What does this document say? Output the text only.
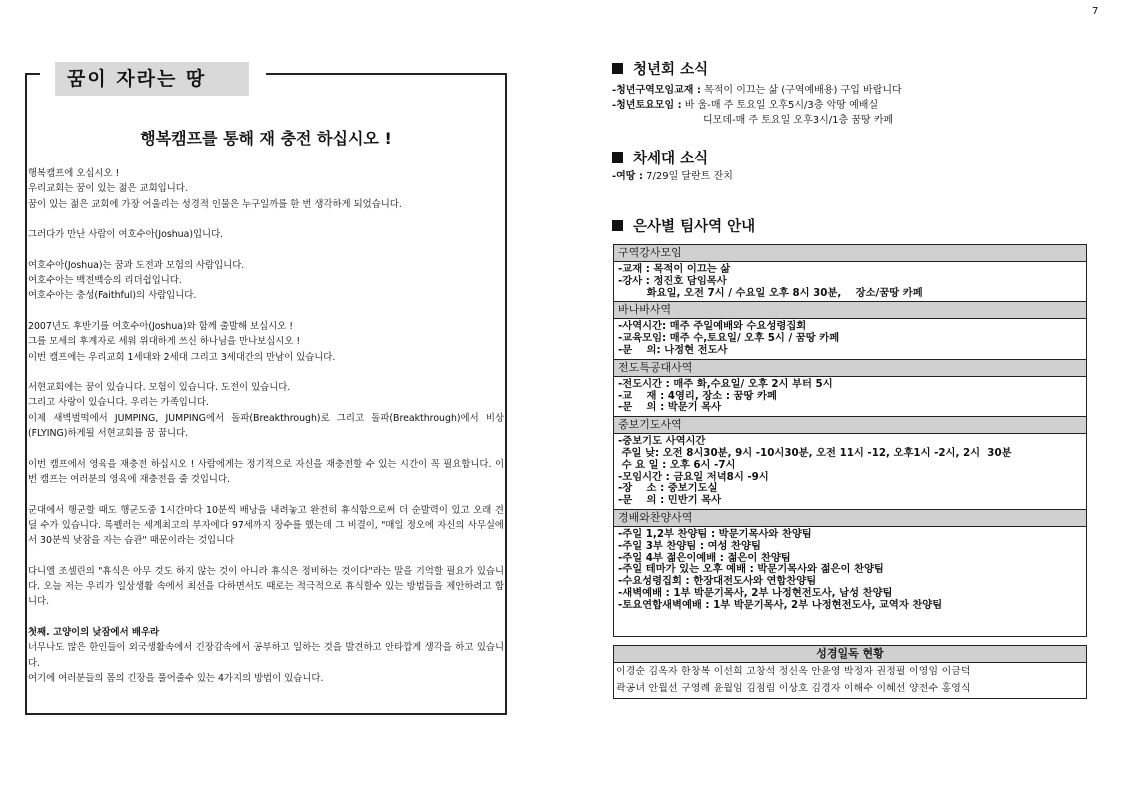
7
꿈이 자라는 땅
행복캠프를 통해 재 충전 하십시오 !

행복캠프에 오십시오 !
우리교회는 꿈이 있는 젊은 교회입니다.
꿈이 있는 젊은 교회에 가장 어울리는 성경적 인물은 누구일까를 한 번 생각하게 되었습니다.

그러다가 만난 사람이 여호수아(Joshua)입니다.

여호수아(Joshua)는 꿈과 도전과 모험의 사람입니다.
여호수아는 백전백승의 리더쉽입니다.
여호수아는 충성(Faithful)의 사람입니다.

2007년도 후반기를 여호수아(Joshua)와 함께 출발해 보십시오 !
그를 모세의 후계자로 세워 위대하게 쓰신 하나님을 만나보십시오 !
이번 캠프에는 우리교회 1세대와 2세대 그리고 3세대간의 만남이 있습니다.

서현교회에는 꿈이 있습니다. 모험이 있습니다. 도전이 있습니다.
그리고 사랑이 있습니다. 우리는 가족입니다.
이제 새벽벌떡에서 JUMPING, JUMPING에서 돌파(Breakthrough)로 그리고 돌파(Breakthrough)에서 비상(FLYING)하게될 서현교회를 꿈 꿉니다.

이번 캠프에서 영육을 재충전 하십시오 ! 사람에게는 정기적으로 자신을 재충전할 수 있는 시간이 꼭 필요합니다. 이번 캠프는 여러분의 영육에 재충전을 줄 것입니다.

군대에서 행군할 때도 행군도중 1시간마다 10분씩 배낭을 내려놓고 완전히 휴식함으로써 더 순발력이 있고 오래 견딜 수가 있습니다. 록펠러는 세계최고의 부자에다 97세까지 장수를 했는데 그 비결이, "매일 정오에 자신의 사무실에서 30분씩 낮잠을 자는 습관" 때문이라는 것입니다

다니엘 조셀린의 "휴식은 아무 것도 하지 않는 것이 아니라 휴식은 정비하는 것이다"라는 말을 기억할 필요가 있습니다. 오늘 저는 우리가 일상생활 속에서 최선을 다하면서도 때로는 적극적으로 휴식할수 있는 방법들을 제안하려고 합니다.

첫째. 고양이의 낮잠에서 배우라
너무나도 많은 한인들이 외국생활속에서 긴장감속에서 공부하고 일하는 것을 발견하고 안타깝게 생각을 하고 있습니다.
여기에 여러분들의 몸의 긴장을 풀어줄수 있는 4가지의 방법이 있습니다.

청년회 소식
-청년구역모임교재 : 목적이 이끄는 삶 (구역예배용) 구입 바랍니다
-청년토요모임 : 바 울-매 주 토요일 오후5시/3층 악땅 예배실
디모데-매 주 토요일 오후3시/1층 꿈땅 카페
차세대 소식
-여땅 : 7/29일 달란트 잔치
은사별 팀사역 안내
구역강사모임
-교재 : 목적이 이끄는 삶
-강사 : 정진호 담임목사
화요일, 오전 7시 / 수요일 오후 8시 30분,    장소/꿈땅 카페
바나바사역
-사역시간: 매주 주일예배와 수요성령집회
-교육모임: 매주 수,토요일/ 오후 5시 / 꿈땅 카페
-문    의: 나정현 전도사
전도특공대사역
-전도시간 : 매주 화,수요일/ 오후 2시 부터 5시
-교    재 : 4영리, 장소 : 꿈땅 카페
-문    의 : 박문기 목사
중보기도사역
-중보기도 사역시간
주일 낮: 오전 8시30분, 9시 -10시30분, 오전 11시 -12, 오후1시 -2시, 2시  30분
수 요 일 : 오후 6시 -7시
-모임시간 : 금요일 저녁8시 -9시
-장    소 : 중보기도실
-문    의 : 민반기 목사
경배와찬양사역
-주일 1,2부 찬양팀 : 박문기목사와 찬양팀
-주일 3부 찬양팀 : 여성 찬양팀
-주일 4부 젊은이예배 : 젊은이 찬양팀
-주일 테마가 있는 오후 예배 : 박문기목사와 젊은이 찬양팀
-수요성령집회 : 한장대전도사와 연합찬양팀
-새벽예배 : 1부 박문기목사, 2부 나정현전도사, 남성 찬양팀
-토요연합새벽예배 : 1부 박문기목사, 2부 나정현전도사, 교역자 찬양팀
성경일독 현황
이경순 김옥자 한창복 이선희 고창석 정신옥 안윤영 박정자 권정필 이영임 이금덕
곽공녀 안월선 구영례 윤월임 김점림 이상호 김경자 이해수 이혜선 양전수 홍영식
